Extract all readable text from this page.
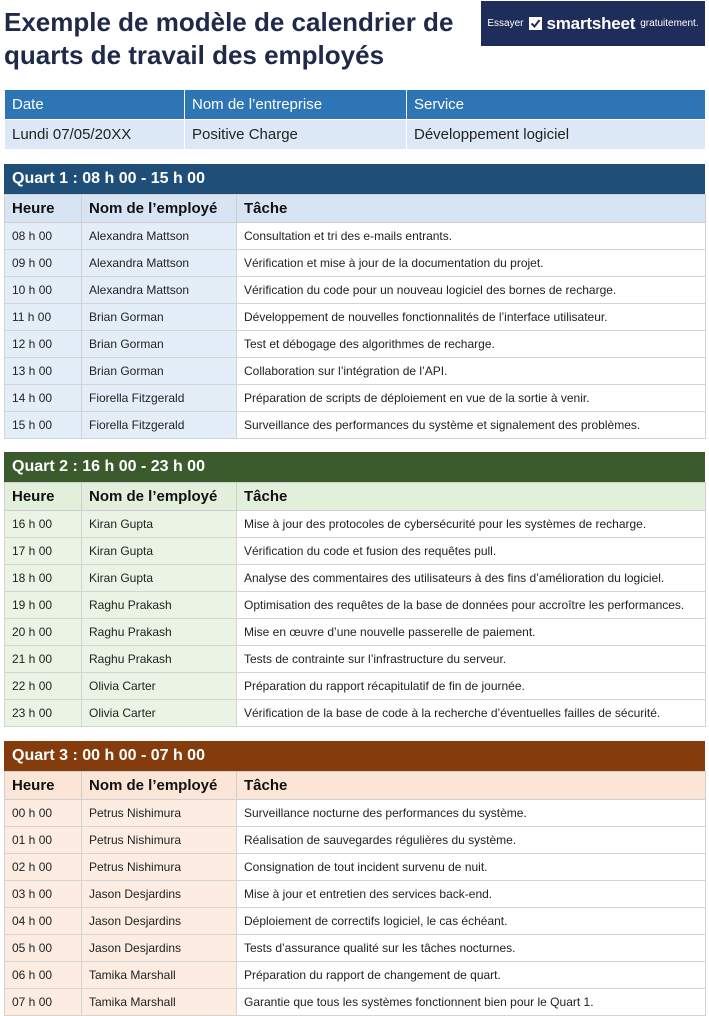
Exemple de modèle de calendrier de quarts de travail des employés
Essayer smartsheet gratuitement.
Date	Nom de l’entreprise	Service
Lundi 07/05/20XX	Positive Charge	Développement logiciel
Quart 1 : 08 h 00 - 15 h 00
Heure	Nom de l’employé	Tâche
08 h 00	Alexandra Mattson	Consultation et tri des e-mails entrants.
09 h 00	Alexandra Mattson	Vérification et mise à jour de la documentation du projet.
10 h 00	Alexandra Mattson	Vérification du code pour un nouveau logiciel des bornes de recharge.
11 h 00	Brian Gorman	Développement de nouvelles fonctionnalités de l’interface utilisateur.
12 h 00	Brian Gorman	Test et débogage des algorithmes de recharge.
13 h 00	Brian Gorman	Collaboration sur l’intégration de l’API.
14 h 00	Fiorella Fitzgerald	Préparation de scripts de déploiement en vue de la sortie à venir.
15 h 00	Fiorella Fitzgerald	Surveillance des performances du système et signalement des problèmes.
Quart 2 : 16 h 00 - 23 h 00
Heure	Nom de l’employé	Tâche
16 h 00	Kiran Gupta	Mise à jour des protocoles de cybersécurité pour les systèmes de recharge.
17 h 00	Kiran Gupta	Vérification du code et fusion des requêtes pull.
18 h 00	Kiran Gupta	Analyse des commentaires des utilisateurs à des fins d’amélioration du logiciel.
19 h 00	Raghu Prakash	Optimisation des requêtes de la base de données pour accroître les performances.
20 h 00	Raghu Prakash	Mise en œuvre d’une nouvelle passerelle de paiement.
21 h 00	Raghu Prakash	Tests de contrainte sur l’infrastructure du serveur.
22 h 00	Olivia Carter	Préparation du rapport récapitulatif de fin de journée.
23 h 00	Olivia Carter	Vérification de la base de code à la recherche d’éventuelles failles de sécurité.
Quart 3 : 00 h 00 - 07 h 00
Heure	Nom de l’employé	Tâche
00 h 00	Petrus Nishimura	Surveillance nocturne des performances du système.
01 h 00	Petrus Nishimura	Réalisation de sauvegardes régulières du système.
02 h 00	Petrus Nishimura	Consignation de tout incident survenu de nuit.
03 h 00	Jason Desjardins	Mise à jour et entretien des services back-end.
04 h 00	Jason Desjardins	Déploiement de correctifs logiciel, le cas échéant.
05 h 00	Jason Desjardins	Tests d’assurance qualité sur les tâches nocturnes.
06 h 00	Tamika Marshall	Préparation du rapport de changement de quart.
07 h 00	Tamika Marshall	Garantie que tous les systèmes fonctionnent bien pour le Quart 1.
